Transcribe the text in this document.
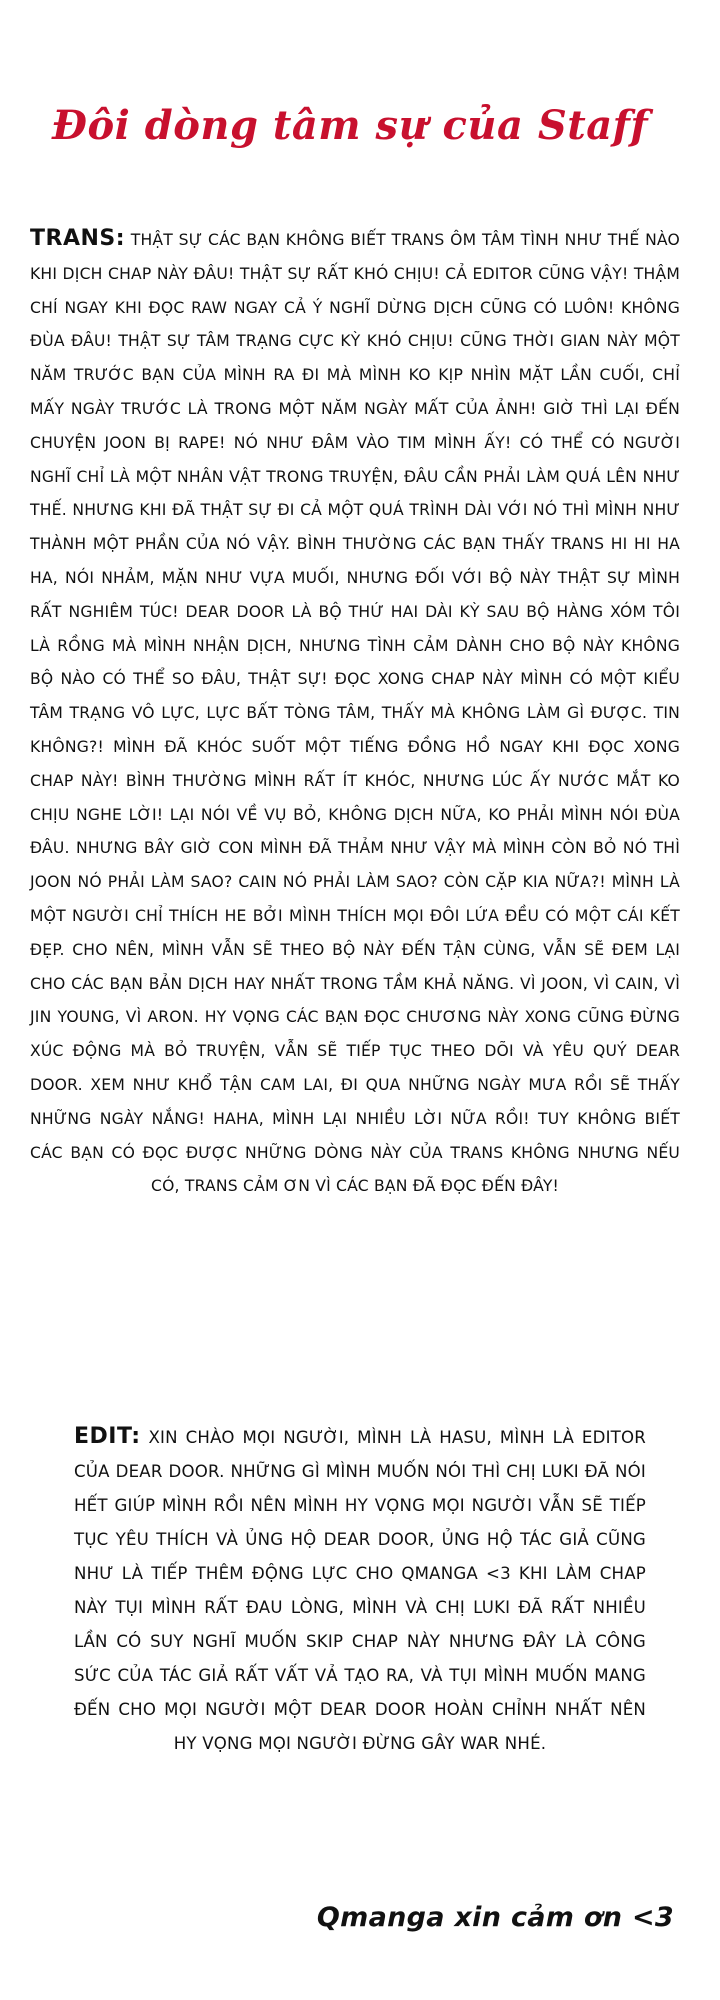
Đôi dòng tâm sự của Staff
TRANS: THẬT SỰ CÁC BẠN KHÔNG BIẾT TRANS ÔM TÂM TÌNH NHƯ THẾ NÀO KHI DỊCH CHAP NÀY ĐÂU! THẬT SỰ RẤT KHÓ CHỊU! CẢ EDITOR CŨNG VẬY! THẬM CHÍ NGAY KHI ĐỌC RAW NGAY CẢ Ý NGHĨ DỪNG DỊCH CŨNG CÓ LUÔN! KHÔNG ĐÙA ĐÂU! THẬT SỰ TÂM TRẠNG CỰC KỲ KHÓ CHỊU! CŨNG THỜI GIAN NÀY MỘT NĂM TRƯỚC BẠN CỦA MÌNH RA ĐI MÀ MÌNH KO KỊP NHÌN MẶT LẦN CUỐI, CHỈ MẤY NGÀY TRƯỚC LÀ TRONG MỘT NĂM NGÀY MẤT CỦA ẢNH! GIỜ THÌ LẠI ĐẾN CHUYỆN JOON BỊ RAPE! NÓ NHƯ ĐÂM VÀO TIM MÌNH ẤY! CÓ THỂ CÓ NGƯỜI NGHĨ CHỈ LÀ MỘT NHÂN VẬT TRONG TRUYỆN, ĐÂU CẦN PHẢI LÀM QUÁ LÊN NHƯ THẾ. NHƯNG KHI ĐÃ THẬT SỰ ĐI CẢ MỘT QUÁ TRÌNH DÀI VỚI NÓ THÌ MÌNH NHƯ THÀNH MỘT PHẦN CỦA NÓ VẬY. BÌNH THƯỜNG CÁC BẠN THẤY TRANS HI HI HA HA, NÓI NHẢM, MẶN NHƯ VỰA MUỐI, NHƯNG ĐỐI VỚI BỘ NÀY THẬT SỰ MÌNH RẤT NGHIÊM TÚC! DEAR DOOR LÀ BỘ THỨ HAI DÀI KỲ SAU BỘ HÀNG XÓM TÔI LÀ RỒNG MÀ MÌNH NHẬN DỊCH, NHƯNG TÌNH CẢM DÀNH CHO BỘ NÀY KHÔNG BỘ NÀO CÓ THỂ SO ĐÂU, THẬT SỰ! ĐỌC XONG CHAP NÀY MÌNH CÓ MỘT KIỂU TÂM TRẠNG VÔ LỰC, LỰC BẤT TÒNG TÂM, THẤY MÀ KHÔNG LÀM GÌ ĐƯỢC. TIN KHÔNG?! MÌNH ĐÃ KHÓC SUỐT MỘT TIẾNG ĐỒNG HỒ NGAY KHI ĐỌC XONG CHAP NÀY! BÌNH THƯỜNG MÌNH RẤT ÍT KHÓC, NHƯNG LÚC ẤY NƯỚC MẮT KO CHỊU NGHE LỜI! LẠI NÓI VỀ VỤ BỎ, KHÔNG DỊCH NỮA, KO PHẢI MÌNH NÓI ĐÙA ĐÂU. NHƯNG BÂY GIỜ CON MÌNH ĐÃ THẢM NHƯ VẬY MÀ MÌNH CÒN BỎ NÓ THÌ JOON NÓ PHẢI LÀM SAO? CAIN NÓ PHẢI LÀM SAO? CÒN CẶP KIA NỮA?! MÌNH LÀ MỘT NGƯỜI CHỈ THÍCH HE BỞI MÌNH THÍCH MỌI ĐÔI LỨA ĐỀU CÓ MỘT CÁI KẾT ĐẸP. CHO NÊN, MÌNH VẪN SẼ THEO BỘ NÀY ĐẾN TẬN CÙNG, VẪN SẼ ĐEM LẠI CHO CÁC BẠN BẢN DỊCH HAY NHẤT TRONG TẦM KHẢ NĂNG. VÌ JOON, VÌ CAIN, VÌ JIN YOUNG, VÌ ARON. HY VỌNG CÁC BẠN ĐỌC CHƯƠNG NÀY XONG CŨNG ĐỪNG XÚC ĐỘNG MÀ BỎ TRUYỆN, VẪN SẼ TIẾP TỤC THEO DÕI VÀ YÊU QUÝ DEAR DOOR. XEM NHƯ KHỔ TẬN CAM LAI, ĐI QUA NHỮNG NGÀY MƯA RỒI SẼ THẤY NHỮNG NGÀY NẮNG! HAHA, MÌNH LẠI NHIỀU LỜI NỮA RỒI! TUY KHÔNG BIẾT CÁC BẠN CÓ ĐỌC ĐƯỢC NHỮNG DÒNG NÀY CỦA TRANS KHÔNG NHƯNG NẾU CÓ, TRANS CẢM ƠN VÌ CÁC BẠN ĐÃ ĐỌC ĐẾN ĐÂY!
EDIT: XIN CHÀO MỌI NGƯỜI, MÌNH LÀ HASU, MÌNH LÀ EDITOR CỦA DEAR DOOR. NHỮNG GÌ MÌNH MUỐN NÓI THÌ CHỊ LUKI ĐÃ NÓI HẾT GIÚP MÌNH RỒI NÊN MÌNH HY VỌNG MỌI NGƯỜI VẪN SẼ TIẾP TỤC YÊU THÍCH VÀ ỦNG HỘ DEAR DOOR, ỦNG HỘ TÁC GIẢ CŨNG NHƯ LÀ TIẾP THÊM ĐỘNG LỰC CHO QMANGA <3 KHI LÀM CHAP NÀY TỤI MÌNH RẤT ĐAU LÒNG, MÌNH VÀ CHỊ LUKI ĐÃ RẤT NHIỀU LẦN CÓ SUY NGHĨ MUỐN SKIP CHAP NÀY NHƯNG ĐÂY LÀ CÔNG SỨC CỦA TÁC GIẢ RẤT VẤT VẢ TẠO RA, VÀ TỤI MÌNH MUỐN MANG ĐẾN CHO MỌI NGƯỜI MỘT DEAR DOOR HOÀN CHỈNH NHẤT NÊN HY VỌNG MỌI NGƯỜI ĐỪNG GÂY WAR NHÉ.
Qmanga xin cảm ơn <3
